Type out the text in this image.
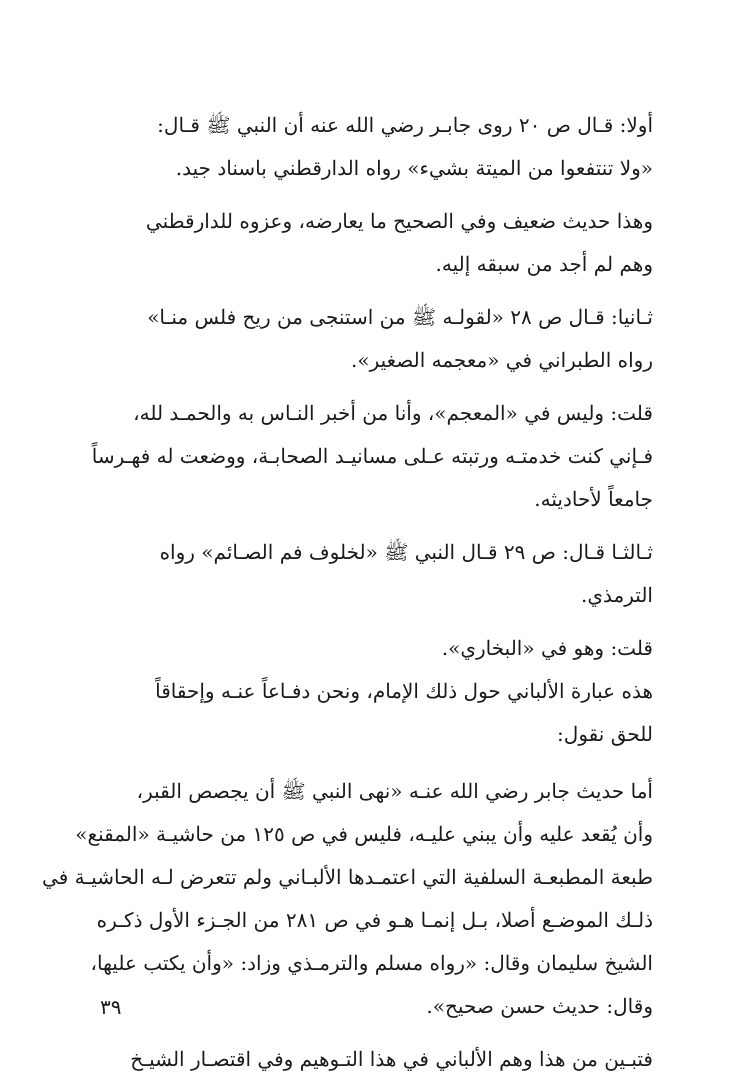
أولا: قـال ص ٢٠ روى جابـر رضي الله عنه أن النبي ﷺ قـال:
«ولا تنتفعوا من الميتة بشيء» رواه الدارقطني باسناد جيد.
وهذا حديث ضعيف وفي الصحيح ما يعارضه، وعزوه للدارقطني
وهم لم أجد من سبقه إليه.
ثـانيا: قـال ص ٢٨ «لقولـه ﷺ من استنجى من ريح فلس منـا»
رواه الطبراني في «معجمه الصغير».
قلت: وليس في «المعجم»، وأنا من أخبر النـاس به والحمـد لله،
فـإني كنت خدمتـه ورتبته عـلى مسانيـد الصحابـة، ووضعت له فهـرساً
جامعاً لأحاديثه.
ثـالثـا قـال: ص ٢٩ قـال النبي ﷺ «لخلوف فم الصـائم» رواه
الترمذي.
قلت: وهو في «البخاري».
هذه عبارة الألباني حول ذلك الإمام، ونحن دفـاعاً عنـه وإحقاقاً
للحق نقول:
أما حديث جابر رضي الله عنـه «نهى النبي ﷺ أن يجصص القبر،
وأن يُقعد عليه وأن يبني عليـه، فليس في ص ١٢٥ من حاشيـة «المقنع»
طبعة المطبعـة السلفية التي اعتمـدها الألبـاني ولم تتعرض لـه الحاشيـة في
ذلـك الموضـع أصلا، بـل إنمـا هـو في ص ٢٨١ من الجـزء الأول ذكـره
الشيخ سليمان وقال: «رواه مسلم والترمـذي وزاد: «وأن يكتب عليها،
وقال: حديث حسن صحيح».
فتبـين من هذا وهم الألباني في هذا التـوهيم وفي اقتصـار الشيـخ
٣٩
